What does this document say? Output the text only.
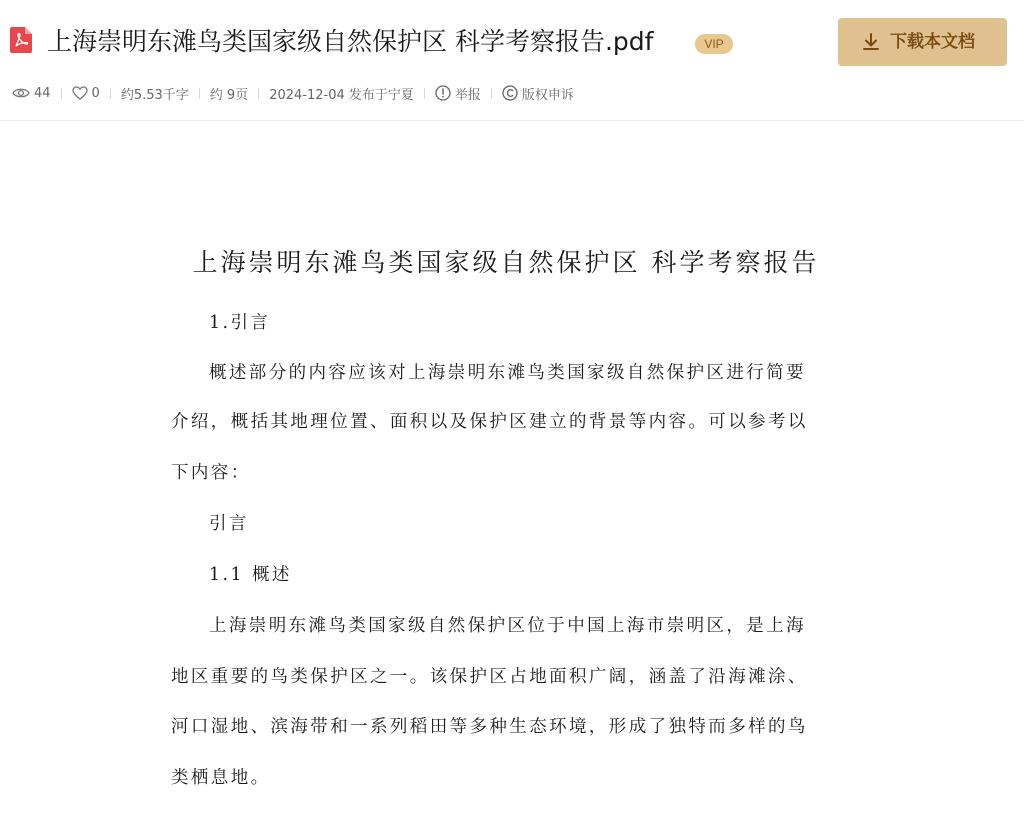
上海崇明东滩鸟类国家级自然保护区 科学考察报告.pdf	VIP	下载本文档
44	0 约5.53千字 约 9页 2024-12-04 发布于宁夏	举报	版权申诉
上海崇明东滩鸟类国家级自然保护区 科学考察报告
1.引言
概述部分的内容应该对上海崇明东滩鸟类国家级自然保护区进行简要
介绍，概括其地理位置、面积以及保护区建立的背景等内容。可以参考以
下内容：
引言
1.1 概述
上海崇明东滩鸟类国家级自然保护区位于中国上海市崇明区，是上海
地区重要的鸟类保护区之一。该保护区占地面积广阔，涵盖了沿海滩涂、
河口湿地、滨海带和一系列稻田等多种生态环境，形成了独特而多样的鸟
类栖息地。
